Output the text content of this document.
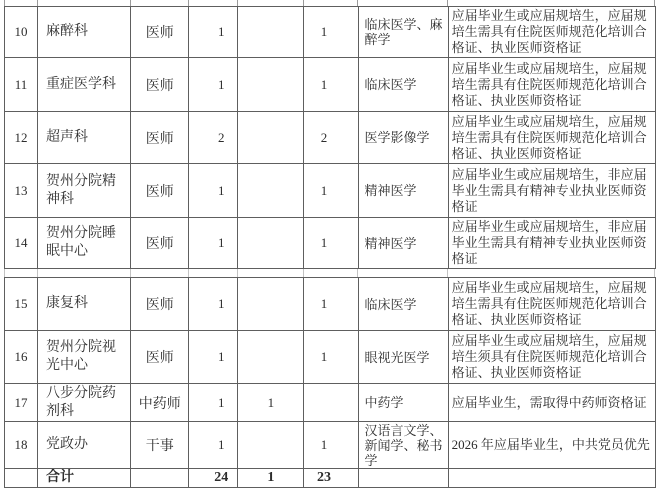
10	麻醉科	医师	1		1	临床医学、麻醉学	应届毕业生或应届规培生，应届规培生需具有住院医师规范化培训合格证、执业医师资格证
11	重症医学科	医师	1		1	临床医学	应届毕业生或应届规培生，应届规培生需具有住院医师规范化培训合格证、执业医师资格证
12	超声科	医师	2		2	医学影像学	应届毕业生或应届规培生，应届规培生需具有住院医师规范化培训合格证、执业医师资格证
13	贺州分院精神科	医师	1		1	精神医学	应届毕业生或应届规培生，非应届毕业生需具有精神专业执业医师资格证
14	贺州分院睡眠中心	医师	1		1	精神医学	应届毕业生或应届规培生，非应届毕业生需具有精神专业执业医师资格证
15	康复科	医师	1		1	临床医学	应届毕业生或应届规培生，应届规培生需具有住院医师规范化培训合格证、执业医师资格证
16	贺州分院视光中心	医师	1		1	眼视光医学	应届毕业生或应届规培生，应届规培生须具有住院医师规范化培训合格证、执业医师资格证
17	八步分院药剂科	中药师	1	1		中药学	应届毕业生，需取得中药师资格证
18	党政办	干事	1		1	汉语言文学、新闻学、秘书学	2026 年应届毕业生，中共党员优先
	合计		24	1	23		
